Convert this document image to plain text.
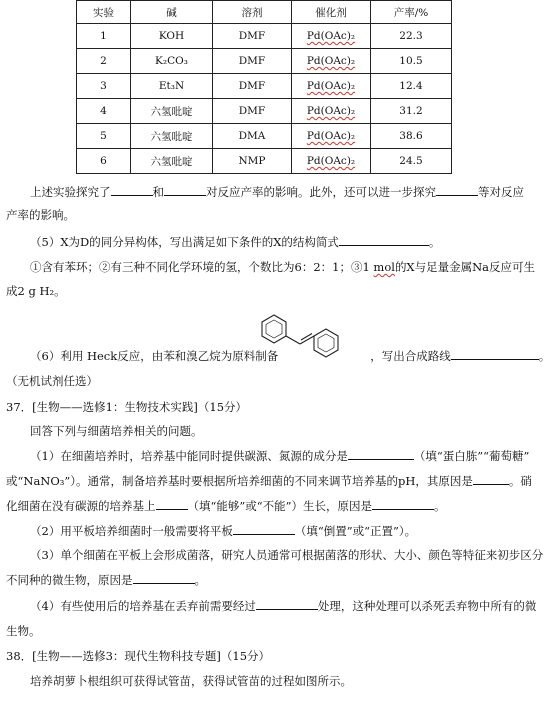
实验	碱	溶剂	催化剂	产率/%
1	KOH	DMF	Pd(OAc)₂	22.3
2	K₂CO₃	DMF	Pd(OAc)₂	10.5
3	Et₃N	DMF	Pd(OAc)₂	12.4
4	六氢吡啶	DMF	Pd(OAc)₂	31.2
5	六氢吡啶	DMA	Pd(OAc)₂	38.6
6	六氢吡啶	NMP	Pd(OAc)₂	24.5
上述实验探究了	和	对反应产率的影响。此外，还可以进一步探究	等对反应
产率的影响。
（5）X为D的同分异构体，写出满足如下条件的X的结构简式	。
①含有苯环；②有三种不同化学环境的氢，个数比为6：2：1；③1 mol的X与足量金属Na反应可生
成2 g H₂。
（6）利用 Heck反应，由苯和溴乙烷为原料制备	，写出合成路线	。
（无机试剂任选）
37．[生物——选修1：生物技术实践]（15分）
回答下列与细菌培养相关的问题。
（1）在细菌培养时，培养基中能同时提供碳源、氮源的成分是	（填“蛋白胨”“葡萄糖”
或“NaNO₃”）。通常，制备培养基时要根据所培养细菌的不同来调节培养基的pH，其原因是	。硝
化细菌在没有碳源的培养基上	（填“能够”或“不能”）生长，原因是	。
（2）用平板培养细菌时一般需要将平板	（填“倒置”或“正置”）。
（3）单个细菌在平板上会形成菌落，研究人员通常可根据菌落的形状、大小、颜色等特征来初步区分
不同种的微生物，原因是	。
（4）有些使用后的培养基在丢弃前需要经过	处理，这种处理可以杀死丢弃物中所有的微
生物。
38．[生物——选修3：现代生物科技专题]（15分）
培养胡萝卜根组织可获得试管苗，获得试管苗的过程如图所示。
